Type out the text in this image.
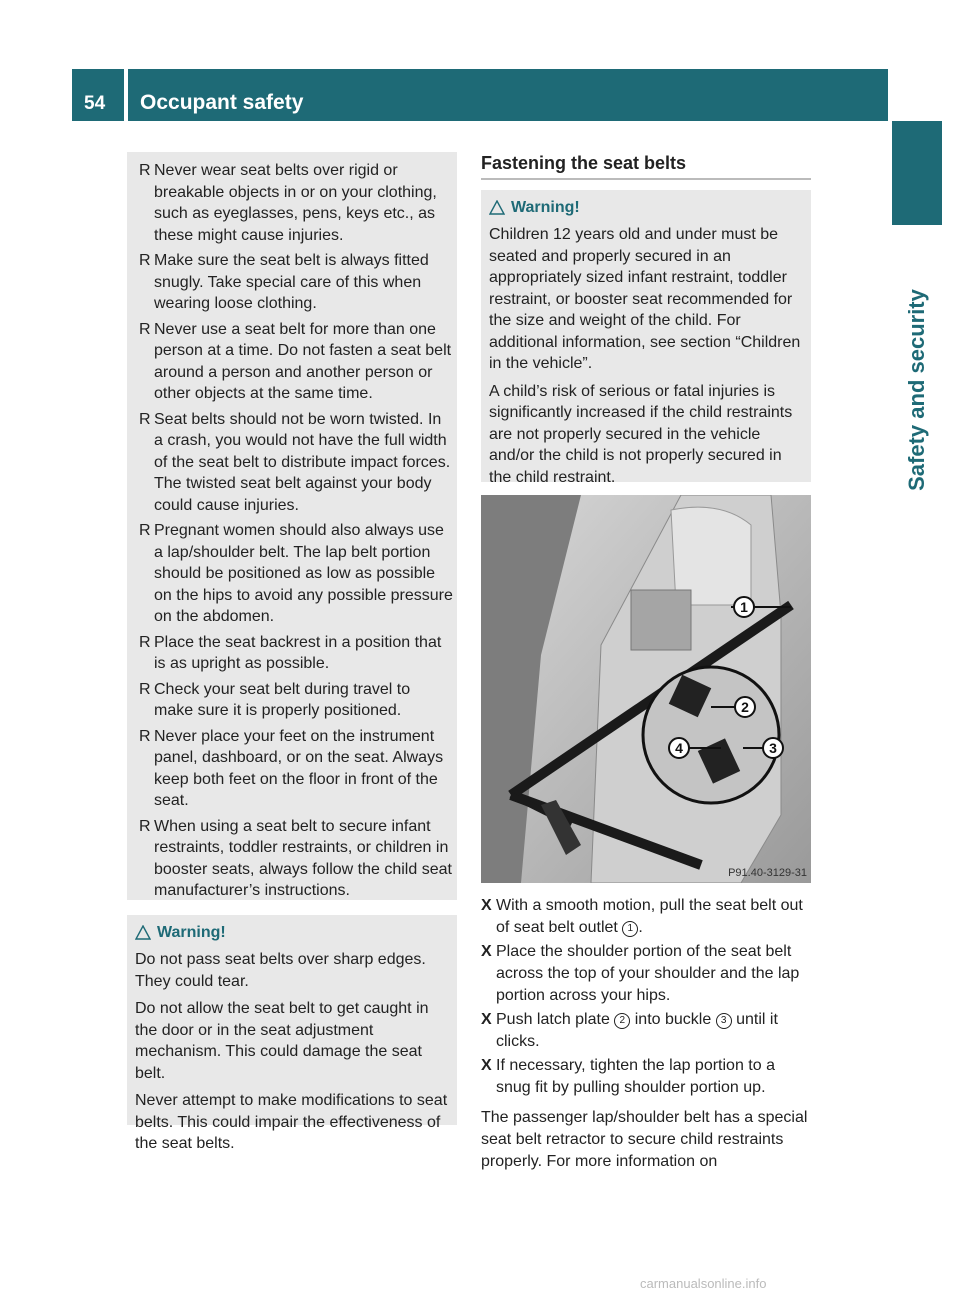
54 Occupant safety
Safety and security
R Never wear seat belts over rigid or breakable objects in or on your clothing, such as eyeglasses, pens, keys etc., as these might cause injuries.
R Make sure the seat belt is always fitted snugly. Take special care of this when wearing loose clothing.
R Never use a seat belt for more than one person at a time. Do not fasten a seat belt around a person and another person or other objects at the same time.
R Seat belts should not be worn twisted. In a crash, you would not have the full width of the seat belt to distribute impact forces. The twisted seat belt against your body could cause injuries.
R Pregnant women should also always use a lap/shoulder belt. The lap belt portion should be positioned as low as possible on the hips to avoid any possible pressure on the abdomen.
R Place the seat backrest in a position that is as upright as possible.
R Check your seat belt during travel to make sure it is properly positioned.
R Never place your feet on the instrument panel, dashboard, or on the seat. Always keep both feet on the floor in front of the seat.
R When using a seat belt to secure infant restraints, toddler restraints, or children in booster seats, always follow the child seat manufacturer’s instructions.
Warning!

Do not pass seat belts over sharp edges. They could tear.

Do not allow the seat belt to get caught in the door or in the seat adjustment mechanism. This could damage the seat belt.

Never attempt to make modifications to seat belts. This could impair the effectiveness of the seat belts.

Fastening the seat belts
Warning!

Children 12 years old and under must be seated and properly secured in an appropriately sized infant restraint, toddler restraint, or booster seat recommended for the size and weight of the child. For additional information, see section “Children in the vehicle”.

A child’s risk of serious or fatal injuries is significantly increased if the child restraints are not properly secured in the vehicle and/or the child is not properly secured in the child restraint.

1
2
3
4
P91.40-3129-31
X With a smooth motion, pull the seat belt out of seat belt outlet 1 .
X Place the shoulder portion of the seat belt across the top of your shoulder and the lap portion across your hips.
X Push latch plate 2 into buckle 3 until it clicks.
X If necessary, tighten the lap portion to a snug fit by pulling shoulder portion up.
The passenger lap/shoulder belt has a special seat belt retractor to secure child restraints properly. For more information on
carmanualsonline.info
